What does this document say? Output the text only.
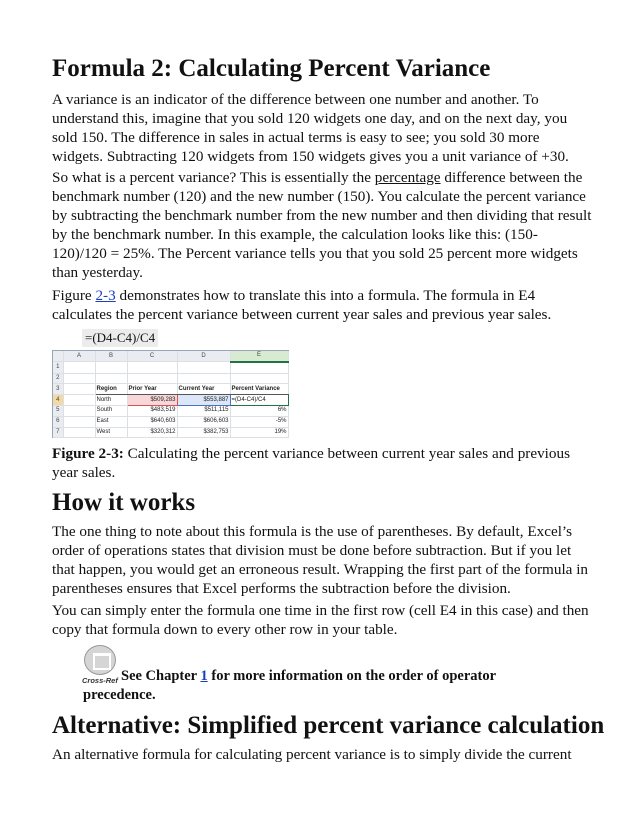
Formula 2: Calculating Percent Variance

A variance is an indicator of the difference between one number and another. To understand this, imagine that you sold 120 widgets one day, and on the next day, you sold 150. The difference in sales in actual terms is easy to see; you sold 30 more widgets. Subtracting 120 widgets from 150 widgets gives you a unit variance of +30.

So what is a percent variance? This is essentially the percentage difference between the benchmark number (120) and the new number (150). You calculate the percent variance by subtracting the benchmark number from the new number and then dividing that result by the benchmark number. In this example, the calculation looks like this: (150-120)/120 = 25%. The Percent variance tells you that you sold 25 percent more widgets than yesterday.

Figure 2-3 demonstrates how to translate this into a formula. The formula in E4 calculates the percent variance between current year sales and previous year sales.

=(D4-C4)/C4
	A	B	C	D	E
1					
2					
3		Region	Prior Year	Current Year	Percent Variance
4		North	$509,283	$553,887	=(D4-C4)/C4
5		South	$483,519	$511,115	6%
6		East	$640,603	$606,603	-5%
7		West	$320,312	$382,753	19%

Figure 2-3: Calculating the percent variance between current year sales and previous year sales.

How it works

The one thing to note about this formula is the use of parentheses. By default, Excel’s order of operations states that division must be done before subtraction. But if you let that happen, you would get an erroneous result. Wrapping the first part of the formula in parentheses ensures that Excel performs the subtraction before the division.

You can simply enter the formula one time in the first row (cell E4 in this case) and then copy that formula down to every other row in your table.

Cross-Ref See Chapter 1 for more information on the order of operator precedence.
Alternative: Simplified percent variance calculation

An alternative formula for calculating percent variance is to simply divide the current
